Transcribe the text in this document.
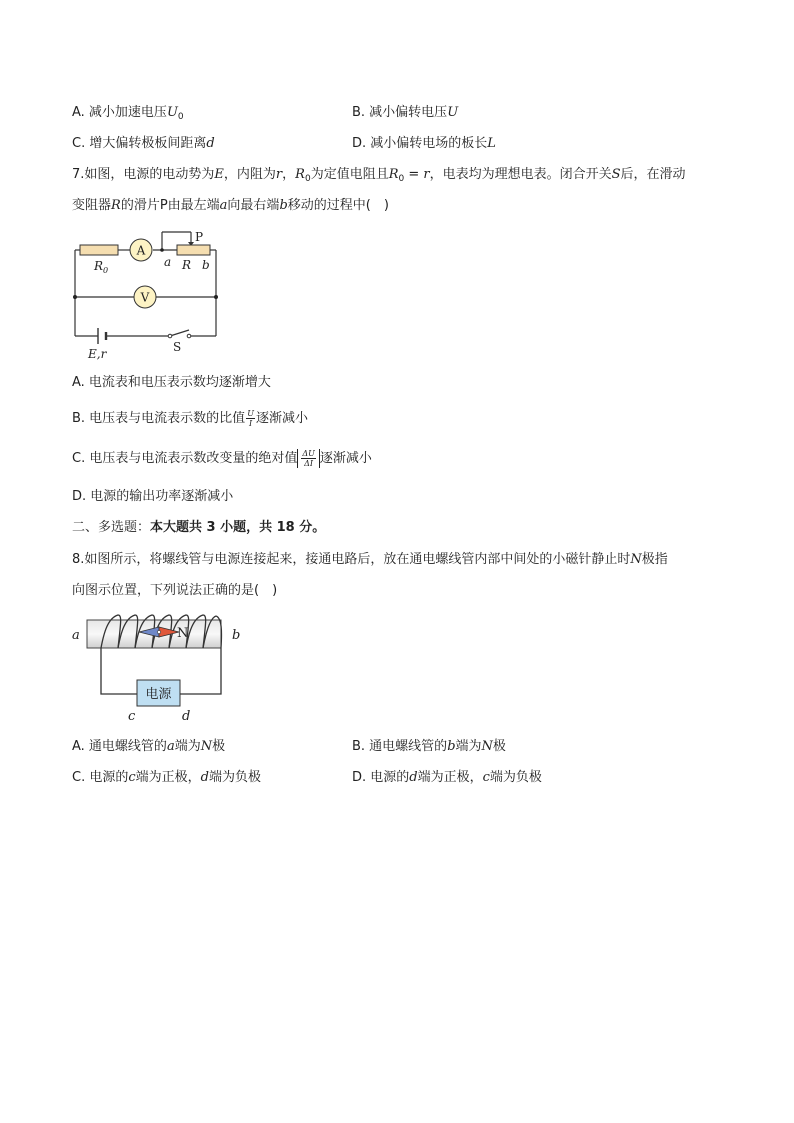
A. 减小加速电压$U_0$	B. 减小偏转电压U
C. 增大偏转极板间距离d	D. 减小偏转电场的板长L
7.如图，电源的电动势为E，内阻为r，$R_0$为定值电阻且$R_0 = r$，电表均为理想电表。闭合开关S后，在滑动
变阻器R的滑片P由最左端a向最右端b移动的过程中(　)
A
V
$R_0$
a R b
P
E,r	S
A. 电流表和电压表示数均逐渐增大
B. 电压表与电流表示数的比值 $\frac{U}{I}$ 逐渐减小
C. 电压表与电流表示数改变量的绝对值 $\frac{\Delta U}{\Delta I}$ 逐渐减小
D. 电源的输出功率逐渐减小
二、多选题：本大题共 3 小题，共 18 分。
8.如图所示，将螺线管与电源连接起来，接通电路后，放在通电螺线管内部中间处的小磁针静止时N极指
向图示位置，下列说法正确的是(　)
N
电源
a	b
c	d
A. 通电螺线管的a端为N极	B. 通电螺线管的b端为N极
C. 电源的c端为正极，d端为负极	D. 电源的d端为正极，c端为负极
